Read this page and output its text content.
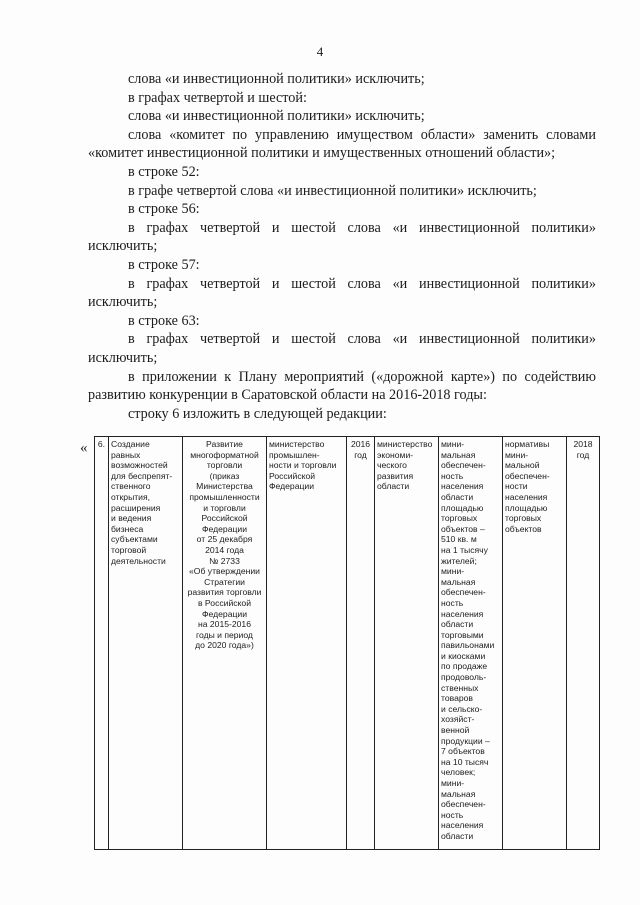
4

слова «и инвестиционной политики» исключить;

в графах четвертой и шестой:

слова «и инвестиционной политики» исключить;

слова «комитет по управлению имуществом области» заменить словами «комитет инвестиционной политики и имущественных отношений области»;

в строке 52:

в графе четвертой слова «и инвестиционной политики» исключить;

в строке 56:

в графах четвертой и шестой слова «и инвестиционной политики» исключить;

в строке 57:

в графах четвертой и шестой слова «и инвестиционной политики» исключить;

в строке 63:

в графах четвертой и шестой слова «и инвестиционной политики» исключить;

в приложении к Плану мероприятий («дорожной карте») по содействию развитию конкуренции в Саратовской области на 2016-2018 годы:

строку 6 изложить в следующей редакции:

« 6.	Создание
равных
возможностей
для беспрепят-
ственного
открытия,
расширения
и ведения
бизнеса
субъектами
торговой
деятельности	Развитие
многоформатной
торговли
(приказ
Министерства
промышленности
и торговли
Российской
Федерации
от 25 декабря
2014 года
№ 2733
«Об утверждении
Стратегии
развития торговли
в Российской
Федерации
на 2015-2016
годы и период
до 2020 года»)	министерство
промышлен-
ности и торговли
Российской
Федерации	2016
год	министерство
экономи-
ческого
развития
области	мини-
мальная
обеспечен-
ность
населения
области
площадью
торговых
объектов –
510 кв. м
на 1 тысячу
жителей;
мини-
мальная
обеспечен-
ность
населения
области
торговыми
павильонами
и киосками
по продаже
продоволь-
ственных
товаров
и сельско-
хозяйст-
венной
продукции –
7 объектов
на 10 тысяч
человек;
мини-
мальная
обеспечен-
ность
населения
области	нормативы
мини-
мальной
обеспечен-
ности
населения
площадью
торговых
объектов	2018
год
